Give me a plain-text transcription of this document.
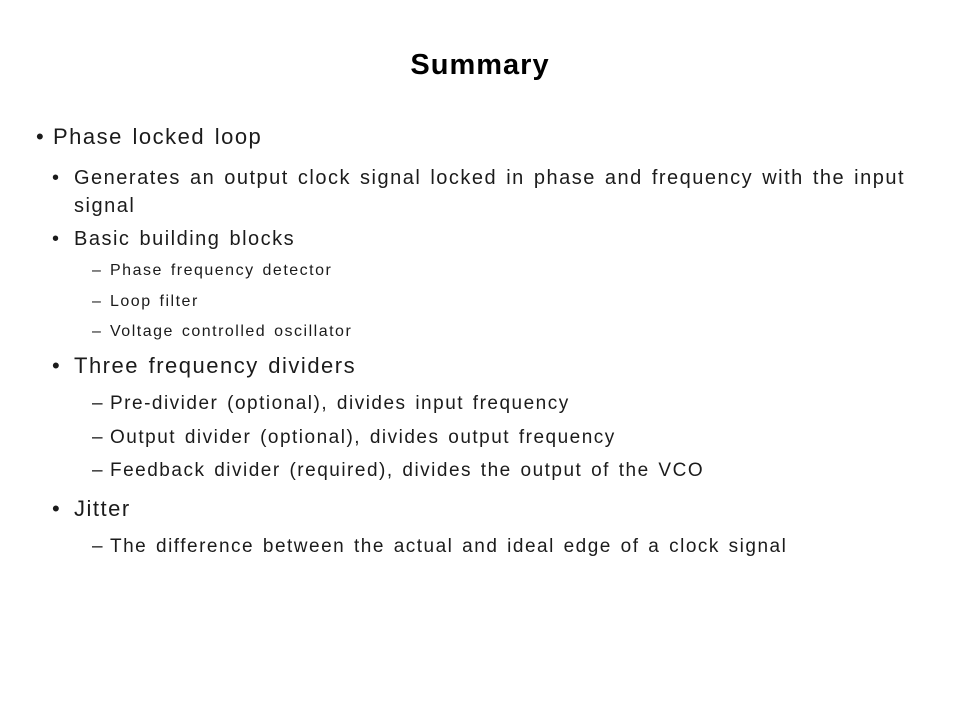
Summary
• Phase locked loop
• Generates an output clock signal locked in phase and frequency with the input signal
• Basic building blocks
– Phase frequency detector
– Loop filter
– Voltage controlled oscillator
• Three frequency dividers
– Pre-divider (optional), divides input frequency
– Output divider (optional), divides output frequency
– Feedback divider (required), divides the output of the VCO
• Jitter
– The difference between the actual and ideal edge of a clock signal
